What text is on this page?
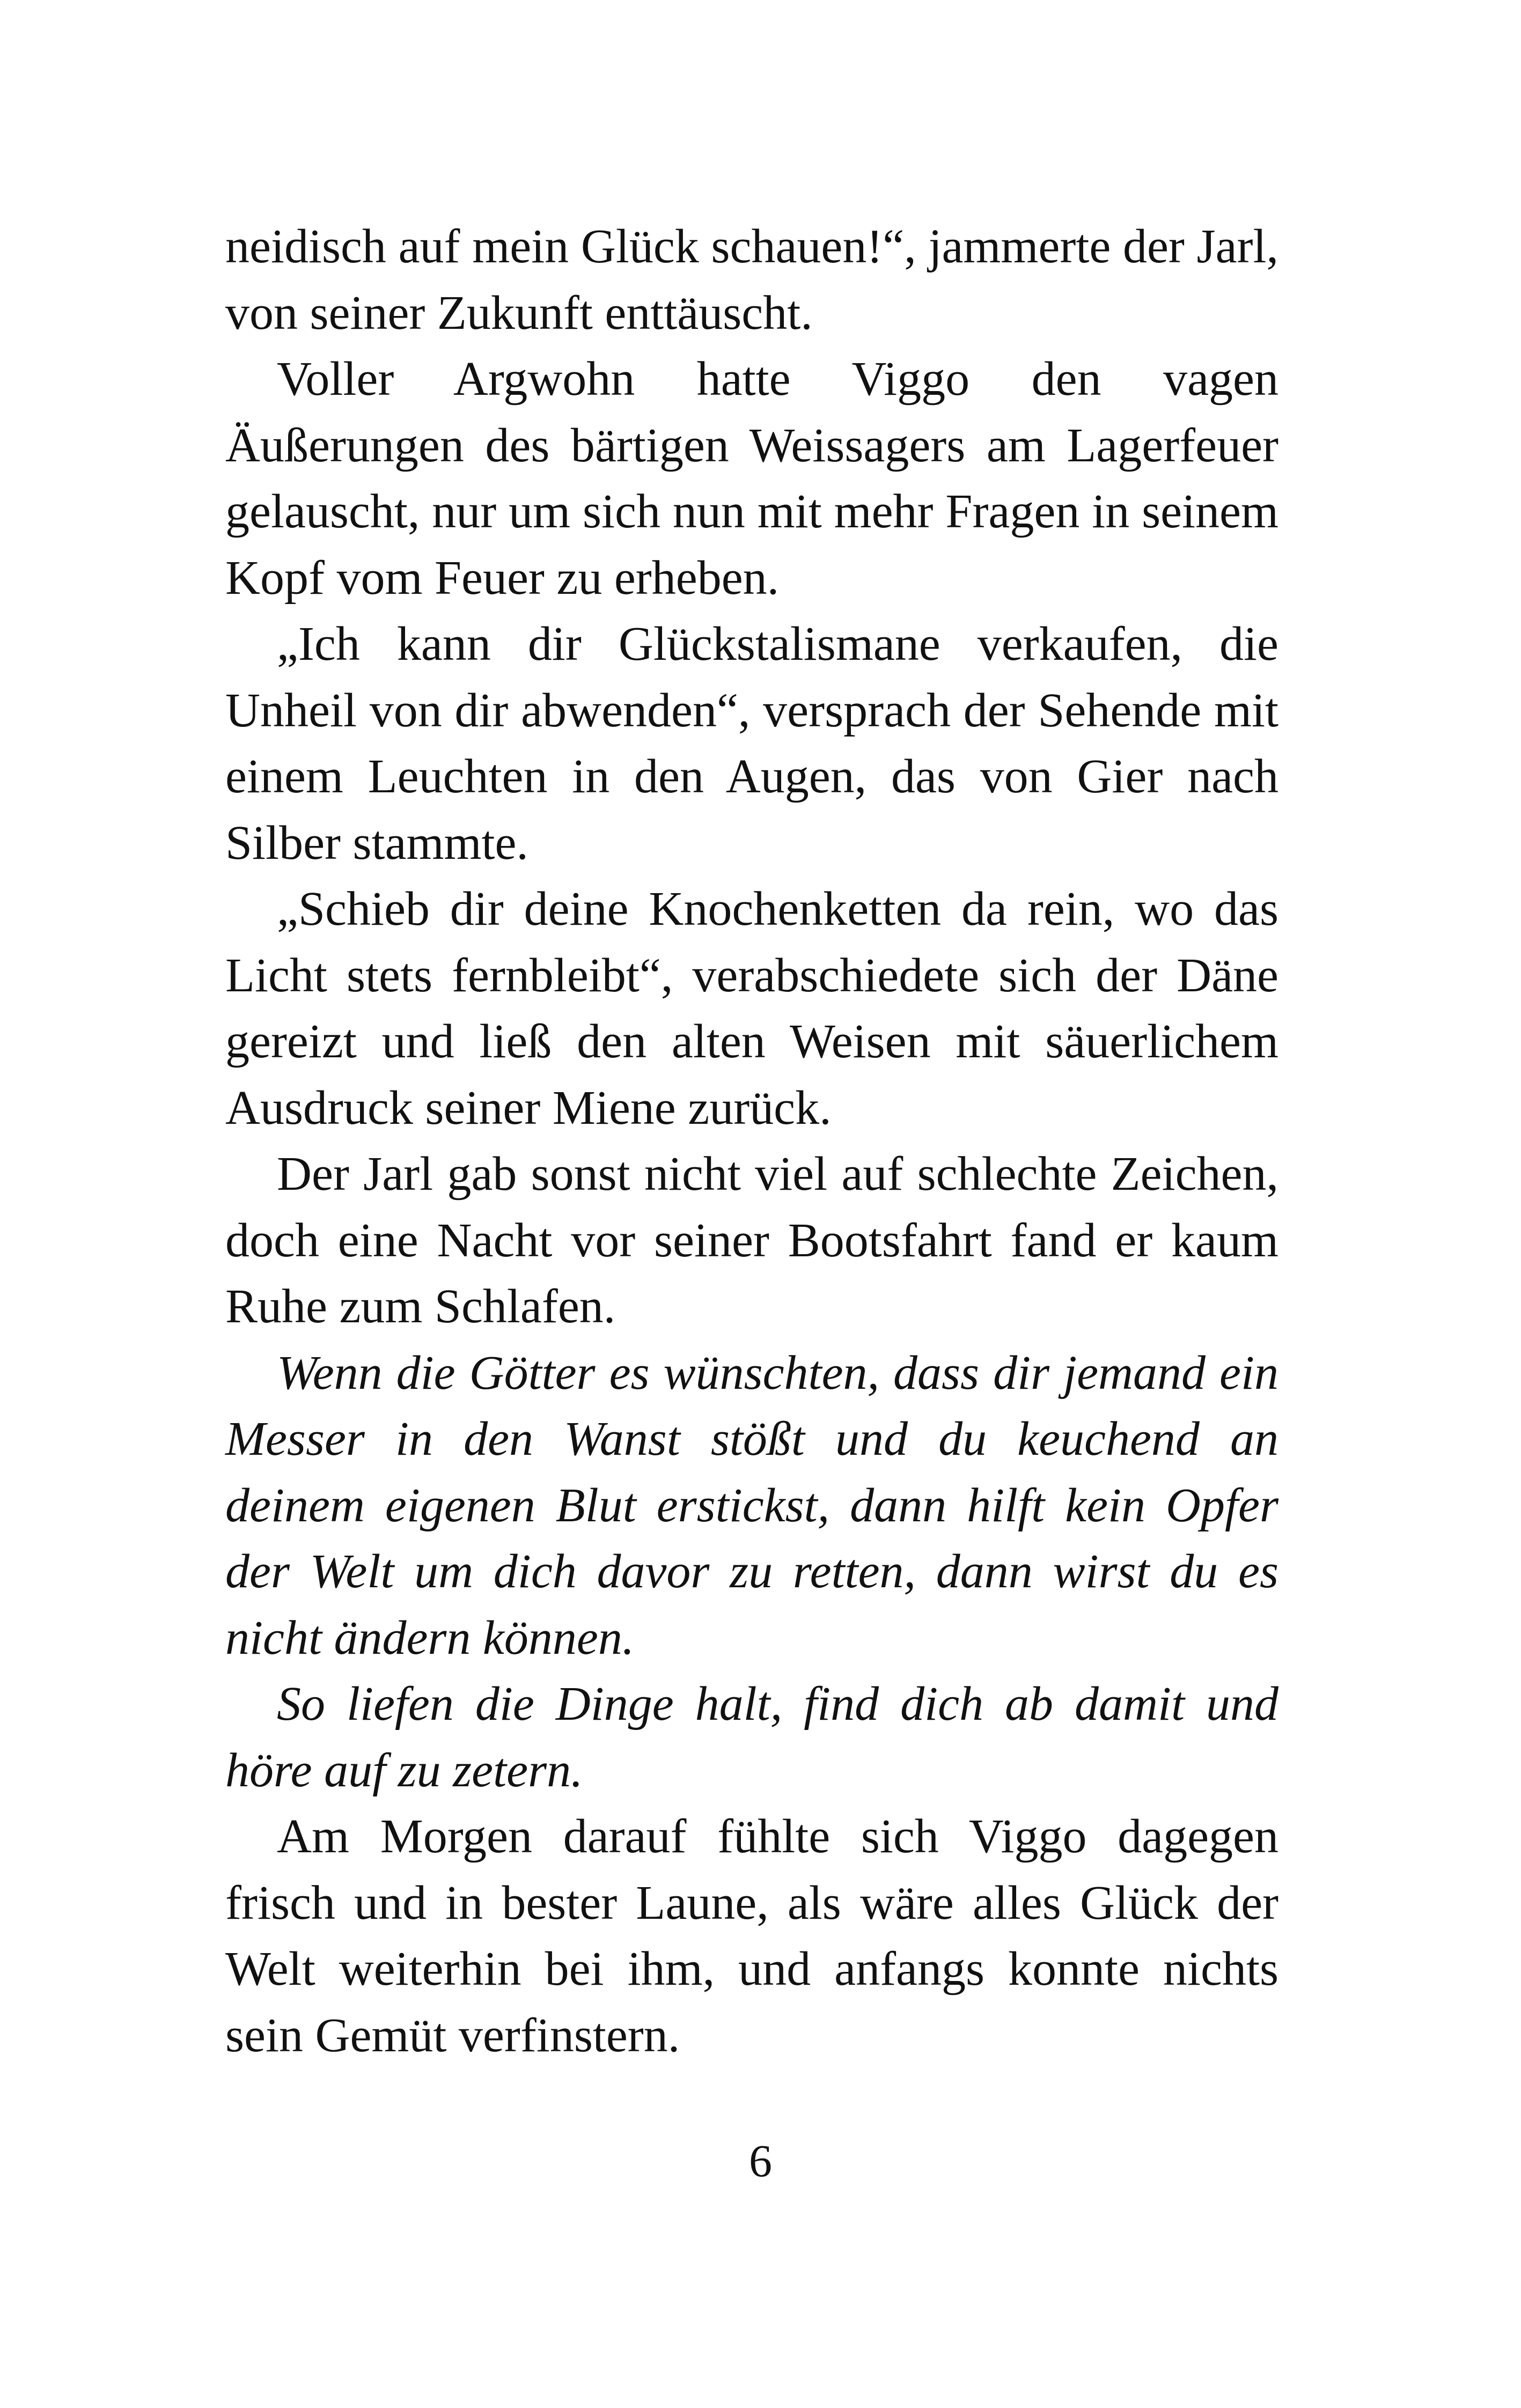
neidisch auf mein Glück schauen!“, jammerte der Jarl, von seiner Zukunft enttäuscht.

Voller Argwohn hatte Viggo den vagen Äußerungen des bärtigen Weissagers am Lagerfeuer gelauscht, nur um sich nun mit mehr Fragen in seinem Kopf vom Feuer zu erheben.

„Ich kann dir Glückstalismane verkaufen, die Unheil von dir abwenden“, versprach der Sehende mit einem Leuchten in den Augen, das von Gier nach Silber stammte.

„Schieb dir deine Knochenketten da rein, wo das Licht stets fernbleibt“, verabschiedete sich der Däne gereizt und ließ den alten Weisen mit säuerlichem Ausdruck seiner Miene zurück.

Der Jarl gab sonst nicht viel auf schlechte Zeichen, doch eine Nacht vor seiner Bootsfahrt fand er kaum Ruhe zum Schlafen.

Wenn die Götter es wünschten, dass dir jemand ein Messer in den Wanst stößt und du keuchend an deinem eigenen Blut erstickst, dann hilft kein Opfer der Welt um dich davor zu retten, dann wirst du es nicht ändern können.

So liefen die Dinge halt, find dich ab damit und höre auf zu zetern.

Am Morgen darauf fühlte sich Viggo dagegen frisch und in bester Laune, als wäre alles Glück der Welt weiterhin bei ihm, und anfangs konnte nichts sein Gemüt verfinstern.

6
